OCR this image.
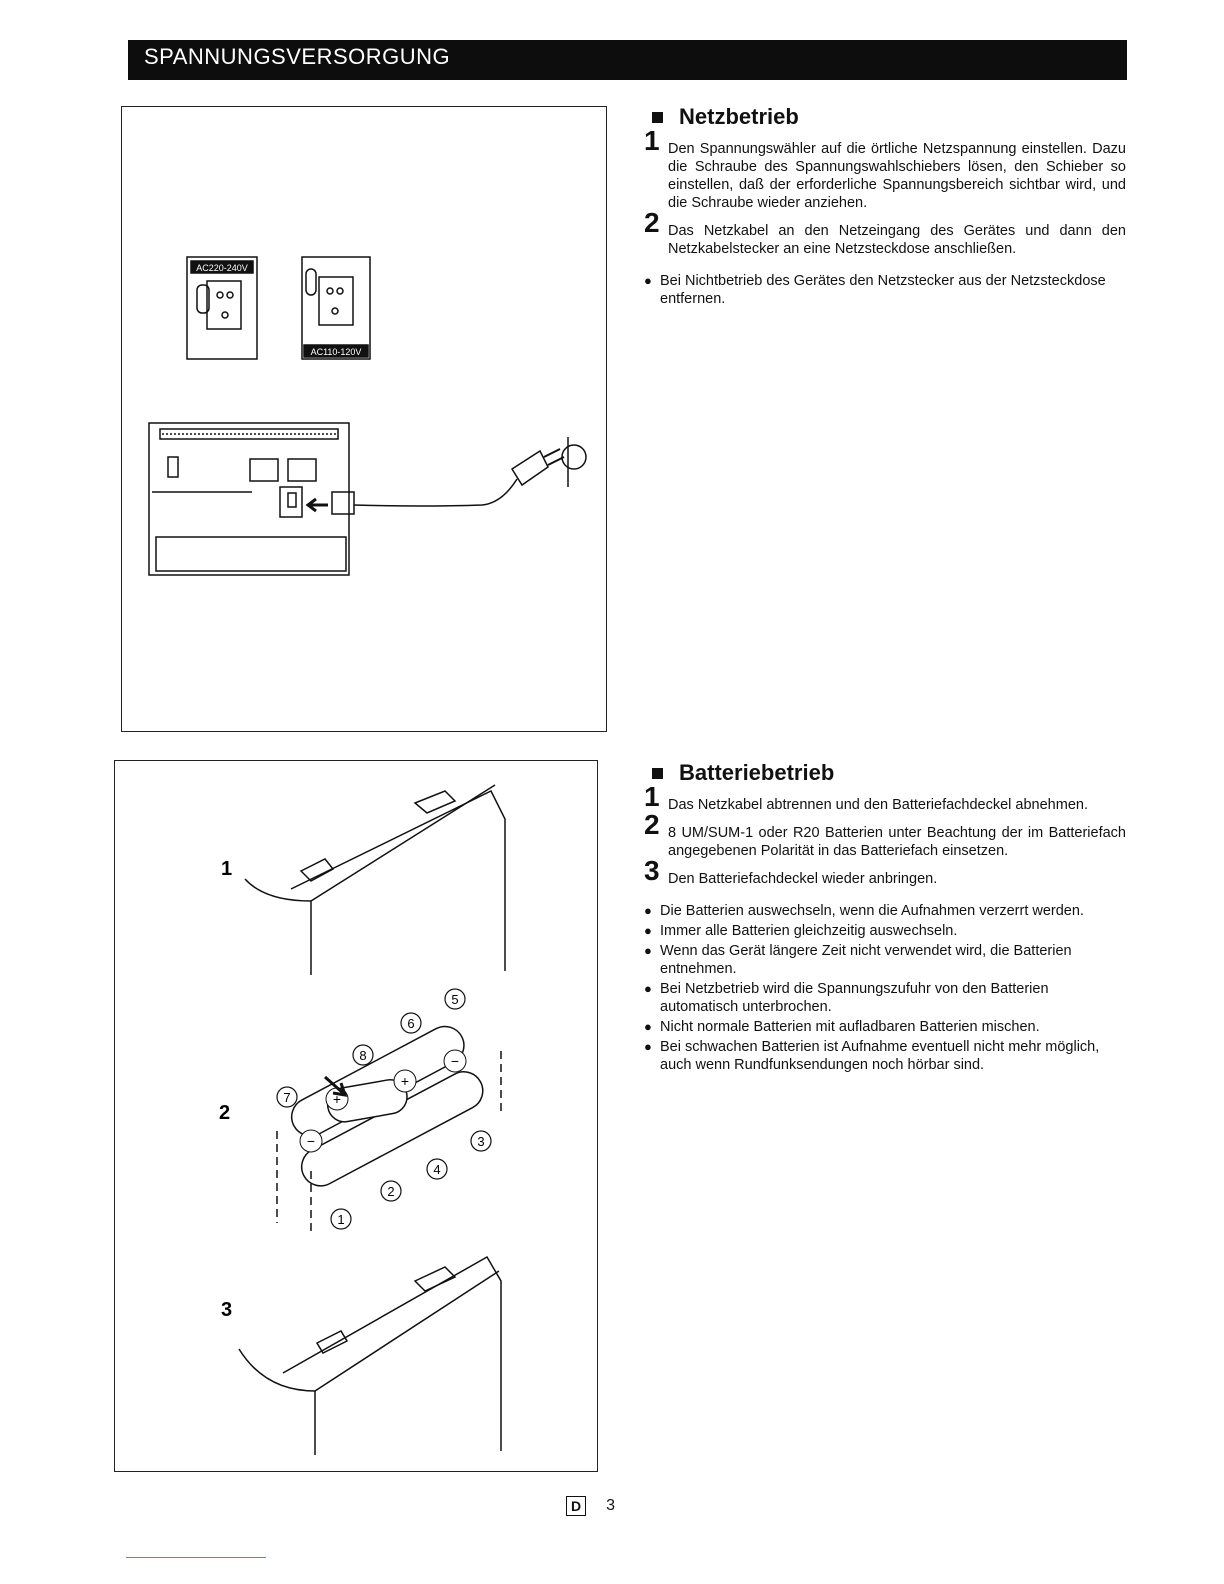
SPANNUNGSVERSORGUNG
AC220-240V
AC110-120V
1
2
+
−
+
−
1
2
3
4
5
6
7
8
3
Netzbetrieb
1 Den Spannungswähler auf die örtliche Netzspannung einstellen. Dazu die Schraube des Spannungswahlschiebers lösen, den Schieber so einstellen, daß der erforderliche Spannungsbereich sichtbar wird, und die Schraube wieder anziehen.
2 Das Netzkabel an den Netzeingang des Gerätes und dann den Netzkabelstecker an eine Netzsteckdose anschließen.
● Bei Nichtbetrieb des Gerätes den Netzstecker aus der Netzsteckdose entfernen.
Batteriebetrieb
1 Das Netzkabel abtrennen und den Batteriefachdeckel abnehmen.
2 8 UM/SUM-1 oder R20 Batterien unter Beachtung der im Batteriefach angegebenen Polarität in das Batteriefach einsetzen.
3 Den Batteriefachdeckel wieder anbringen.
● Die Batterien auswechseln, wenn die Aufnahmen verzerrt werden.
● Immer alle Batterien gleichzeitig auswechseln.
● Wenn das Gerät längere Zeit nicht verwendet wird, die Batterien entnehmen.
● Bei Netzbetrieb wird die Spannungszufuhr von den Batterien automatisch unterbrochen.
● Nicht normale Batterien mit aufladbaren Batterien mischen.
● Bei schwachen Batterien ist Aufnahme eventuell nicht mehr möglich, auch wenn Rundfunksendungen noch hörbar sind.
D	3
